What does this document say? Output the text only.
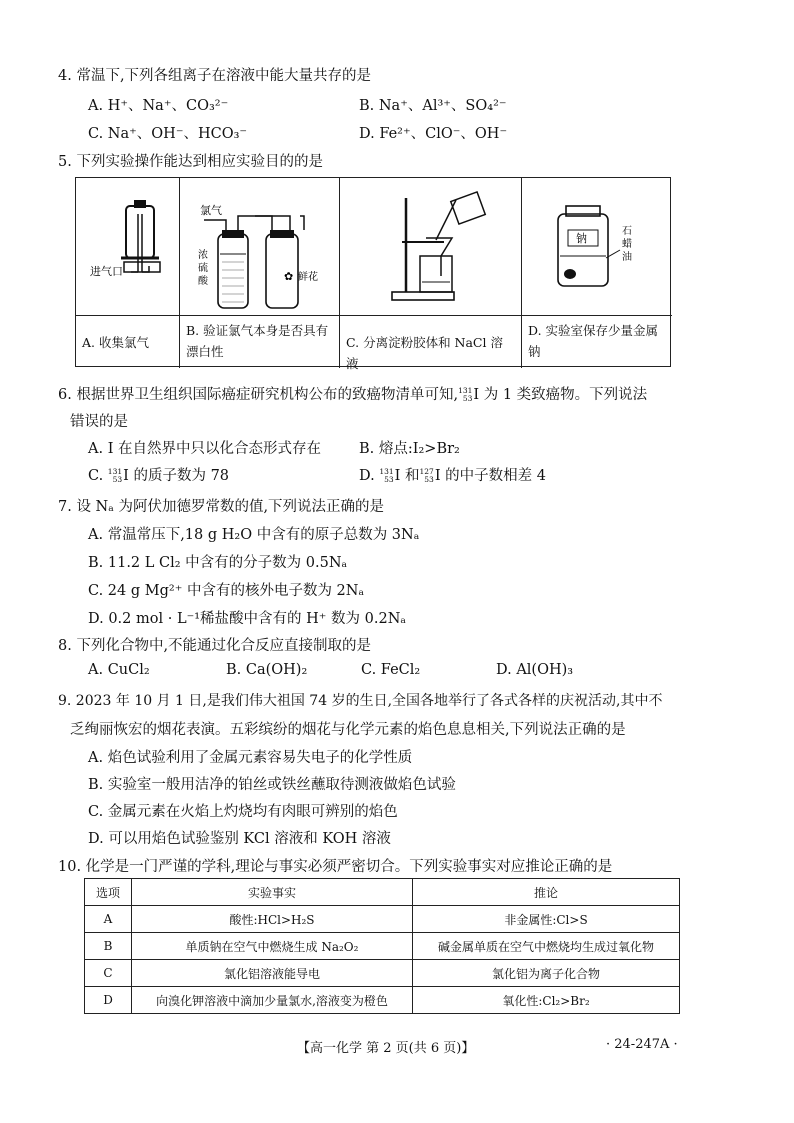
4. 常温下,下列各组离子在溶液中能大量共存的是
A. H⁺、Na⁺、CO₃²⁻	B. Na⁺、Al³⁺、SO₄²⁻
C. Na⁺、OH⁻、HCO₃⁻	D. Fe²⁺、ClO⁻、OH⁻
5. 下列实验操作能达到相应实验目的的是
进气口
氯气
浓
硫
酸	✿ 鲜花
钠
石
蜡
油
A. 收集氯气
B. 验证氯气本身是否具有漂白性
C. 分离淀粉胶体和 NaCl 溶液
D. 实验室保存少量金属钠
6. 根据世界卫生组织国际癌症研究机构公布的致癌物清单可知, 131
53 I 为 1 类致癌物。下列说法
错误的是
A. I 在自然界中只以化合态形式存在	B. 熔点:I₂>Br₂
C. 131
53 I 的质子数为 78	D. 131
53 I 和 127
53 I 的中子数相差 4
7. 设 Nₐ 为阿伏加德罗常数的值,下列说法正确的是
A. 常温常压下,18 g H₂O 中含有的原子总数为 3Nₐ
B. 11.2 L Cl₂ 中含有的分子数为 0.5Nₐ
C. 24 g Mg²⁺ 中含有的核外电子数为 2Nₐ
D. 0.2 mol · L⁻¹稀盐酸中含有的 H⁺ 数为 0.2Nₐ
8. 下列化合物中,不能通过化合反应直接制取的是
A. CuCl₂	B. Ca(OH)₂	C. FeCl₂	D. Al(OH)₃
9. 2023 年 10 月 1 日,是我们伟大祖国 74 岁的生日,全国各地举行了各式各样的庆祝活动,其中不
乏绚丽恢宏的烟花表演。五彩缤纷的烟花与化学元素的焰色息息相关,下列说法正确的是
A. 焰色试验利用了金属元素容易失电子的化学性质
B. 实验室一般用洁净的铂丝或铁丝蘸取待测液做焰色试验
C. 金属元素在火焰上灼烧均有肉眼可辨别的焰色
D. 可以用焰色试验鉴别 KCl 溶液和 KOH 溶液
10. 化学是一门严谨的学科,理论与事实必须严密切合。下列实验事实对应推论正确的是
选项	实验事实	推论
A	酸性:HCl>H₂S	非金属性:Cl>S
B	单质钠在空气中燃烧生成 Na₂O₂	碱金属单质在空气中燃烧均生成过氧化物
C	氯化铝溶液能导电	氯化铝为离子化合物
D	向溴化钾溶液中滴加少量氯水,溶液变为橙色	氧化性:Cl₂>Br₂
【高一化学 第 2 页(共 6 页)】	· 24-247A ·
